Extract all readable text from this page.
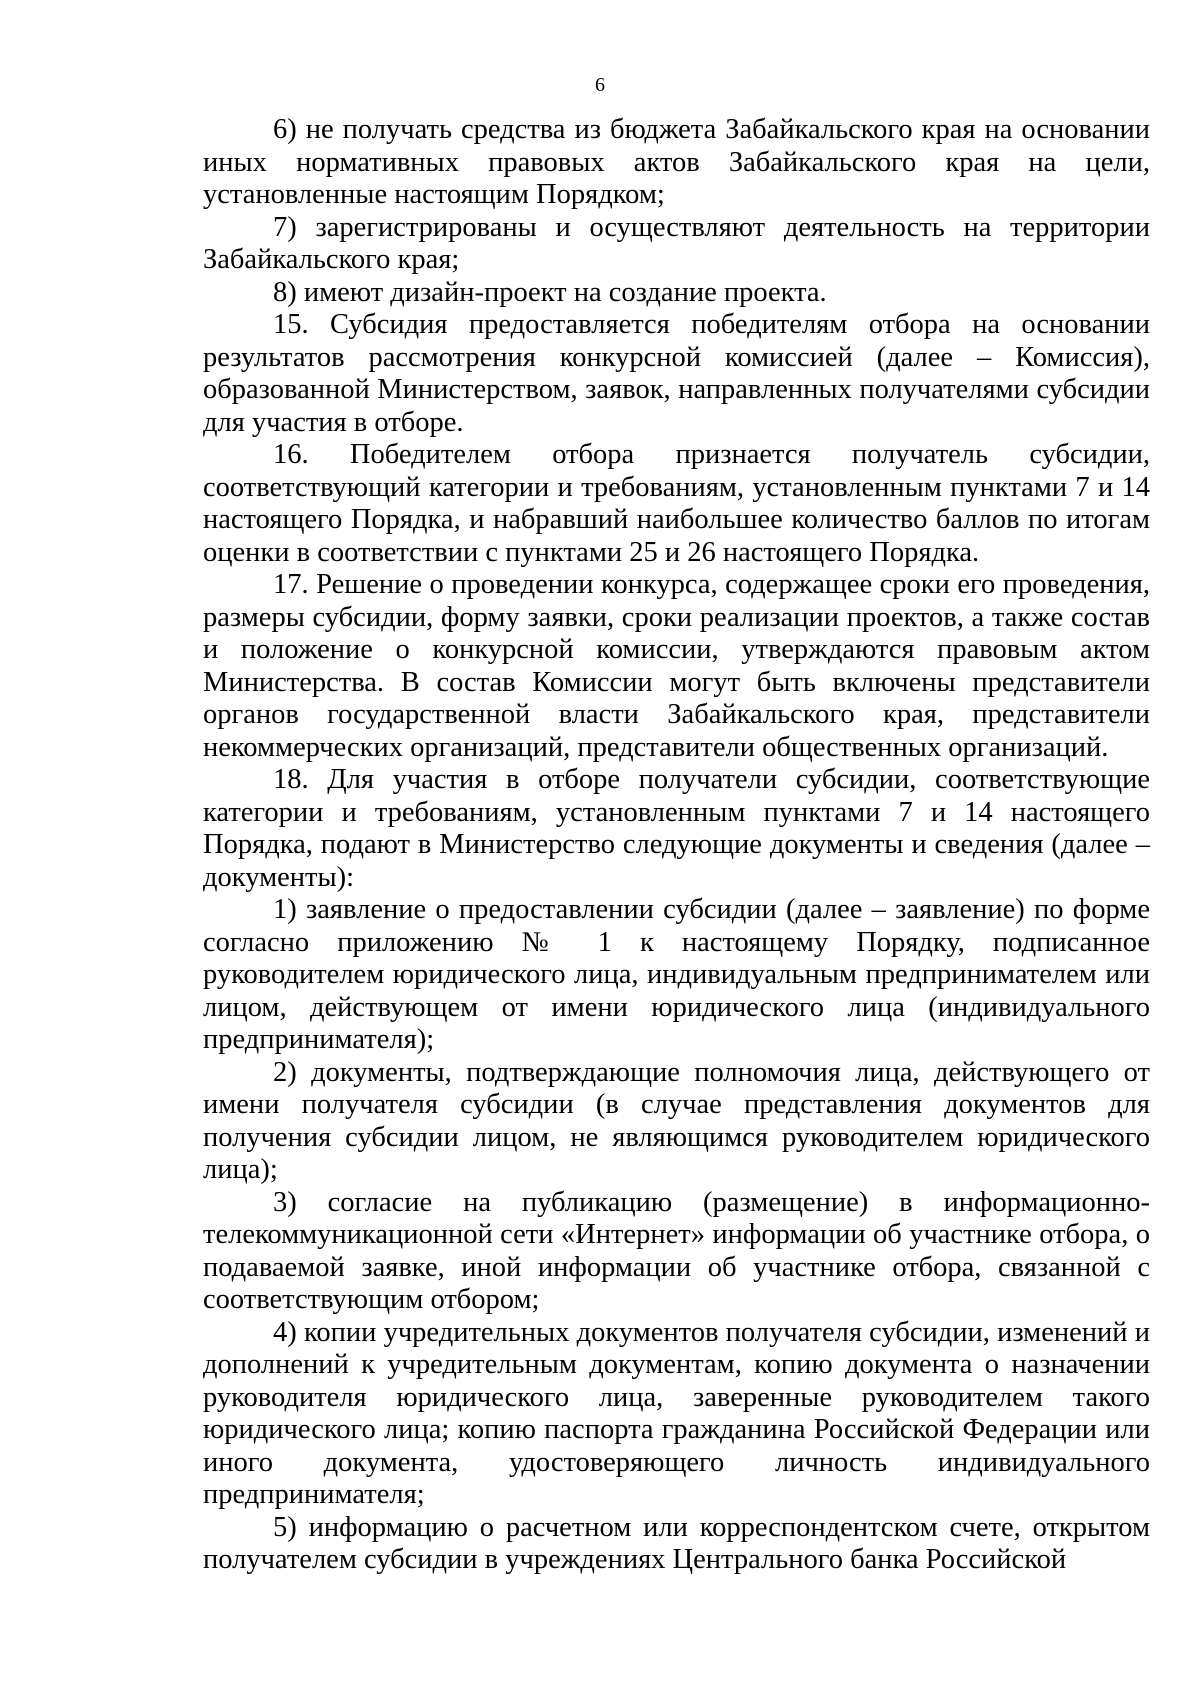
6

6) не получать средства из бюджета Забайкальского края на основании иных нормативных правовых актов Забайкальского края на цели, установленные настоящим Порядком;

7) зарегистрированы и осуществляют деятельность на территории Забайкальского края;

8) имеют дизайн-проект на создание проекта.

15. Субсидия предоставляется победителям отбора на основании результатов рассмотрения конкурсной комиссией (далее – Комиссия), образованной Министерством, заявок, направленных получателями субсидии для участия в отборе.

16. Победителем отбора признается получатель субсидии, соответствующий категории и требованиям, установленным пунктами 7 и 14 настоящего Порядка, и набравший наибольшее количество баллов по итогам оценки в соответствии с пунктами 25 и 26 настоящего Порядка.

17. Решение о проведении конкурса, содержащее сроки его проведения, размеры субсидии, форму заявки, сроки реализации проектов, а также состав и положение о конкурсной комиссии, утверждаются правовым актом Министерства. В состав Комиссии могут быть включены представители органов государственной власти Забайкальского края, представители некоммерческих организаций, представители общественных организаций.

18. Для участия в отборе получатели субсидии, соответствующие категории и требованиям, установленным пунктами 7 и 14 настоящего Порядка, подают в Министерство следующие документы и сведения (далее – документы):

1) заявление о предоставлении субсидии (далее – заявление) по форме согласно приложению № 1 к настоящему Порядку, подписанное руководителем юридического лица, индивидуальным предпринимателем или лицом, действующем от имени юридического лица (индивидуального предпринимателя);

2) документы, подтверждающие полномочия лица, действующего от имени получателя субсидии (в случае представления документов для получения субсидии лицом, не являющимся руководителем юридического лица);

3) согласие на публикацию (размещение) в информационно-телекоммуникационной сети «Интернет» информации об участнике отбора, о подаваемой заявке, иной информации об участнике отбора, связанной с соответствующим отбором;

4) копии учредительных документов получателя субсидии, изменений и дополнений к учредительным документам, копию документа о назначении руководителя юридического лица, заверенные руководителем такого юридического лица; копию паспорта гражданина Российской Федерации или иного документа, удостоверяющего личность индивидуального предпринимателя;

5) информацию о расчетном или корреспондентском счете, открытом получателем субсидии в учреждениях Центрального банка Российской
